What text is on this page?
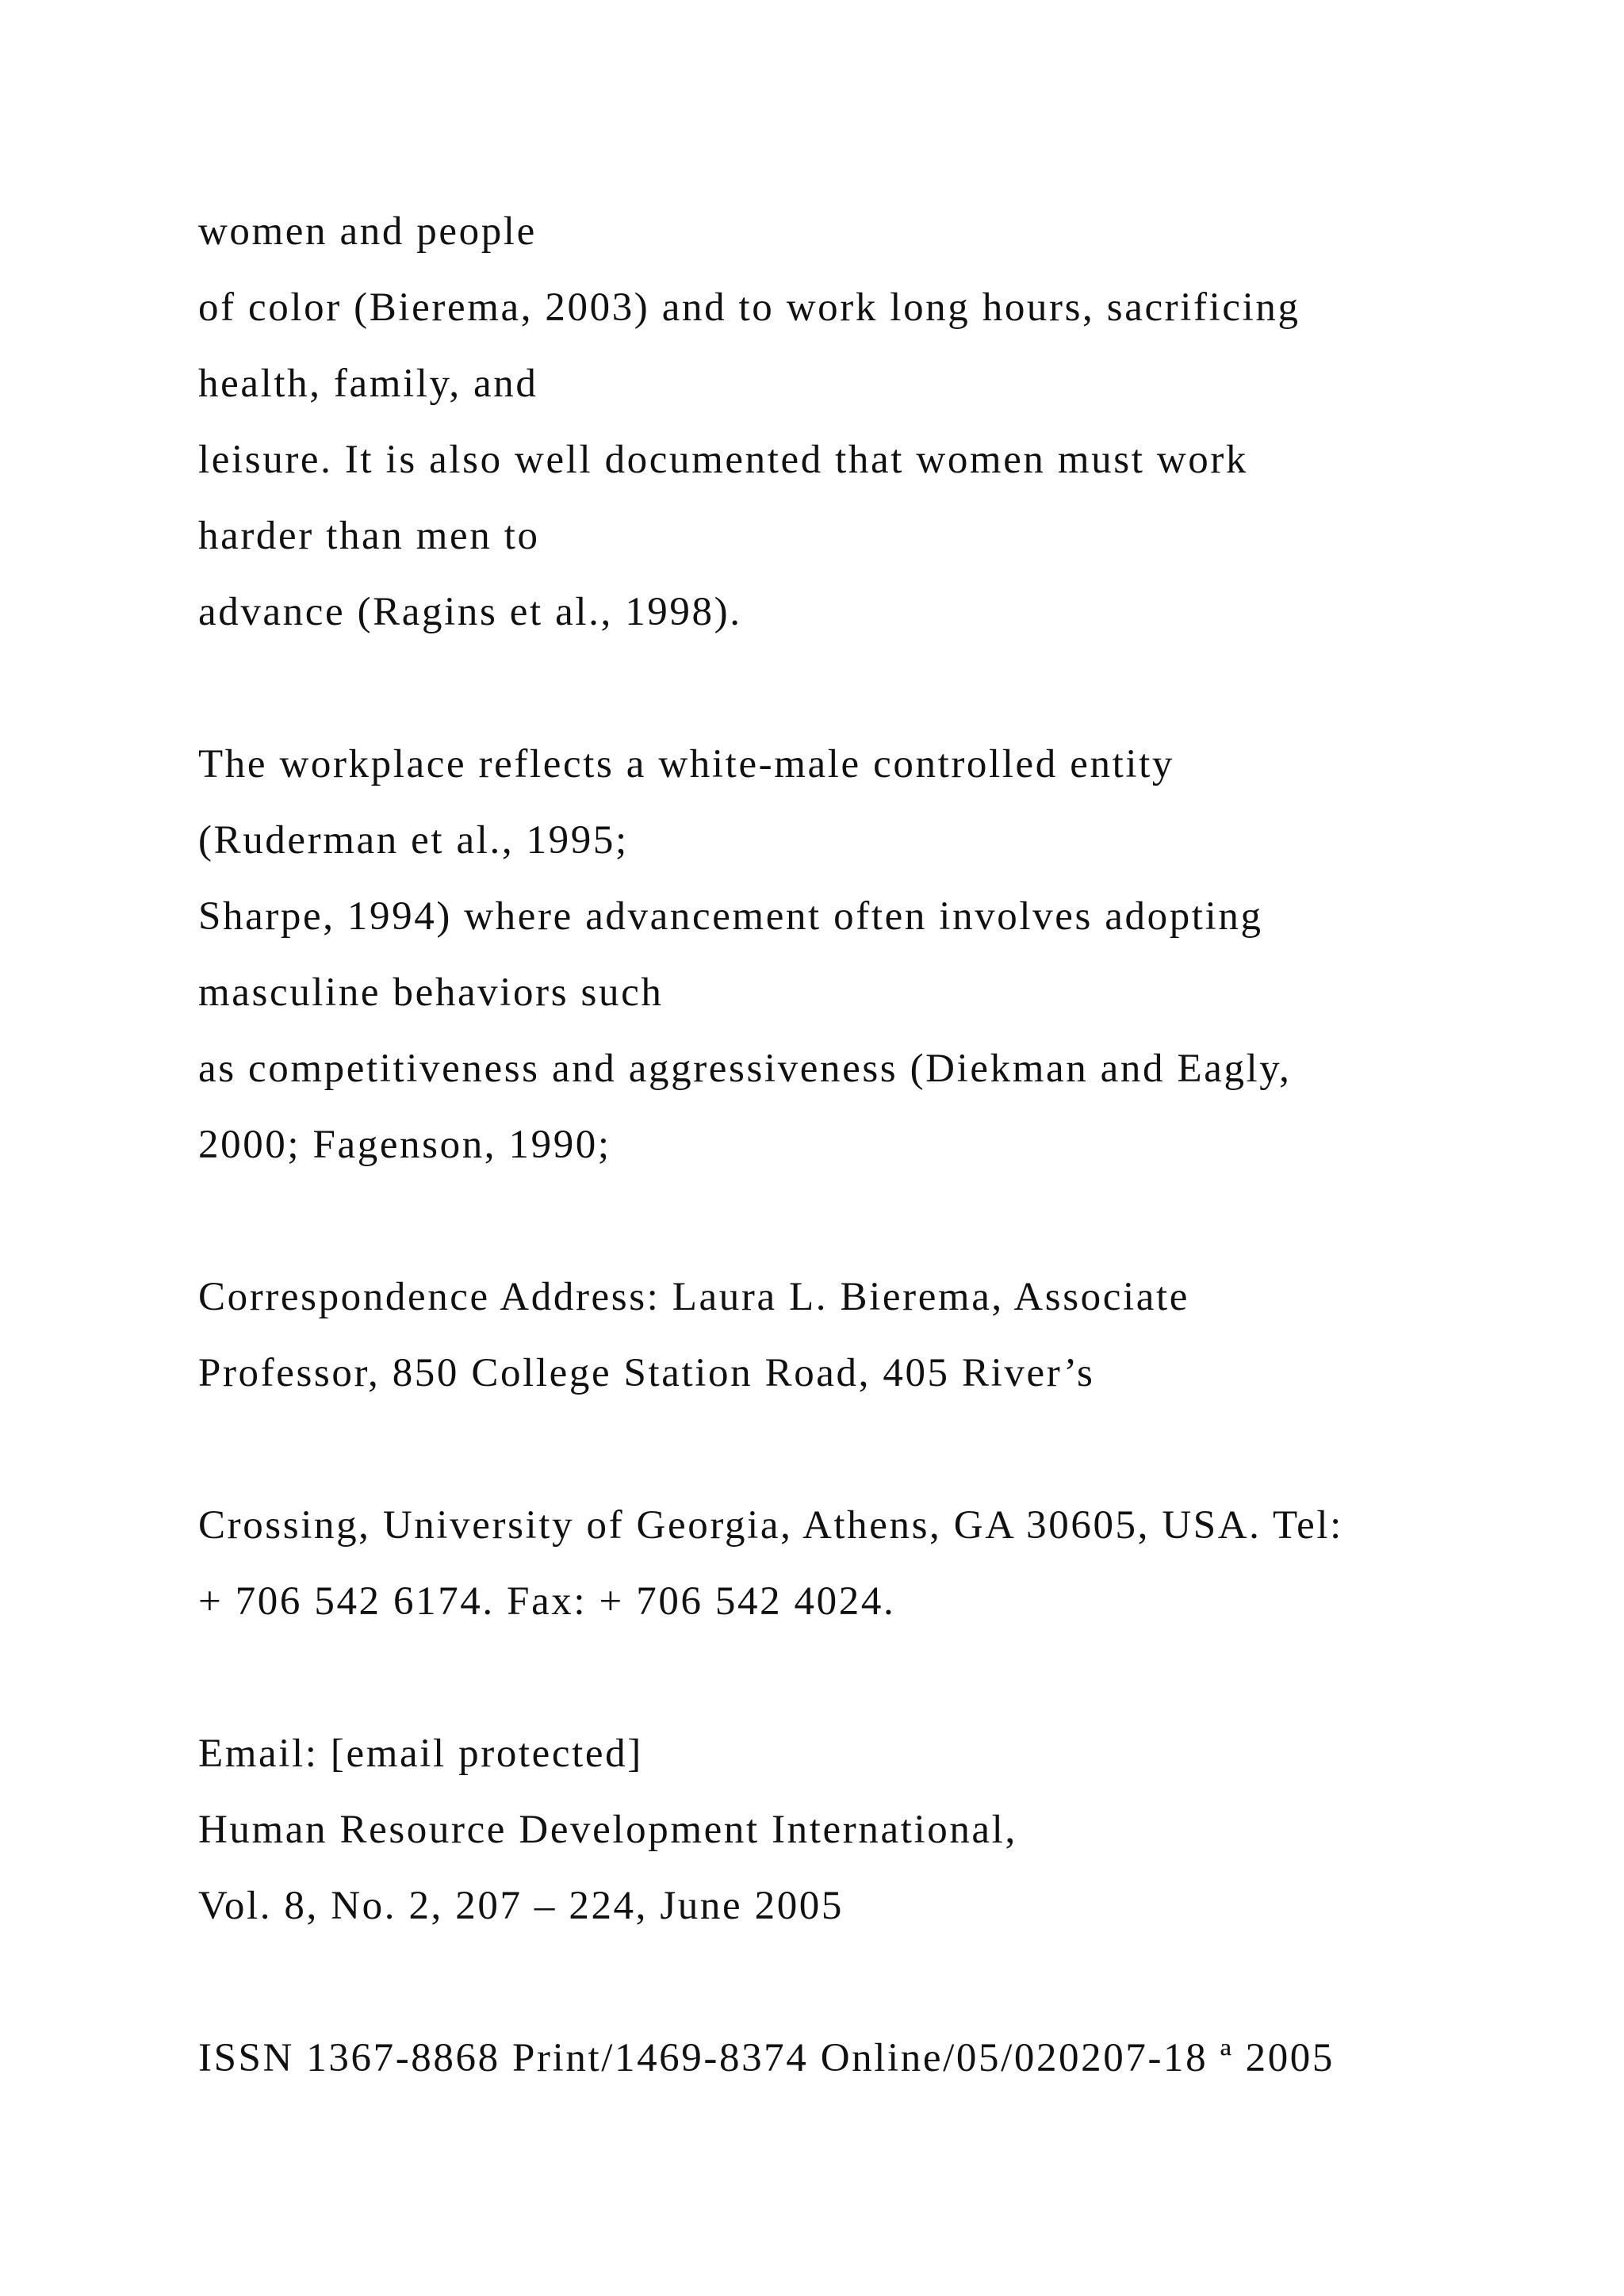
women and people
of color (Bierema, 2003) and to work long hours, sacrificing
health, family, and
leisure. It is also well documented that women must work
harder than men to
advance (Ragins et al., 1998).
The workplace reflects a white-male controlled entity
(Ruderman et al., 1995;
Sharpe, 1994) where advancement often involves adopting
masculine behaviors such
as competitiveness and aggressiveness (Diekman and Eagly,
2000; Fagenson, 1990;
Correspondence Address: Laura L. Bierema, Associate
Professor, 850 College Station Road, 405 River’s
Crossing, University of Georgia, Athens, GA 30605, USA. Tel:
+ 706 542 6174. Fax: + 706 542 4024.
Email: [email protected]
Human Resource Development International,
Vol. 8, No. 2, 207 – 224, June 2005
ISSN 1367-8868 Print/1469-8374 Online/05/020207-18 ª 2005
